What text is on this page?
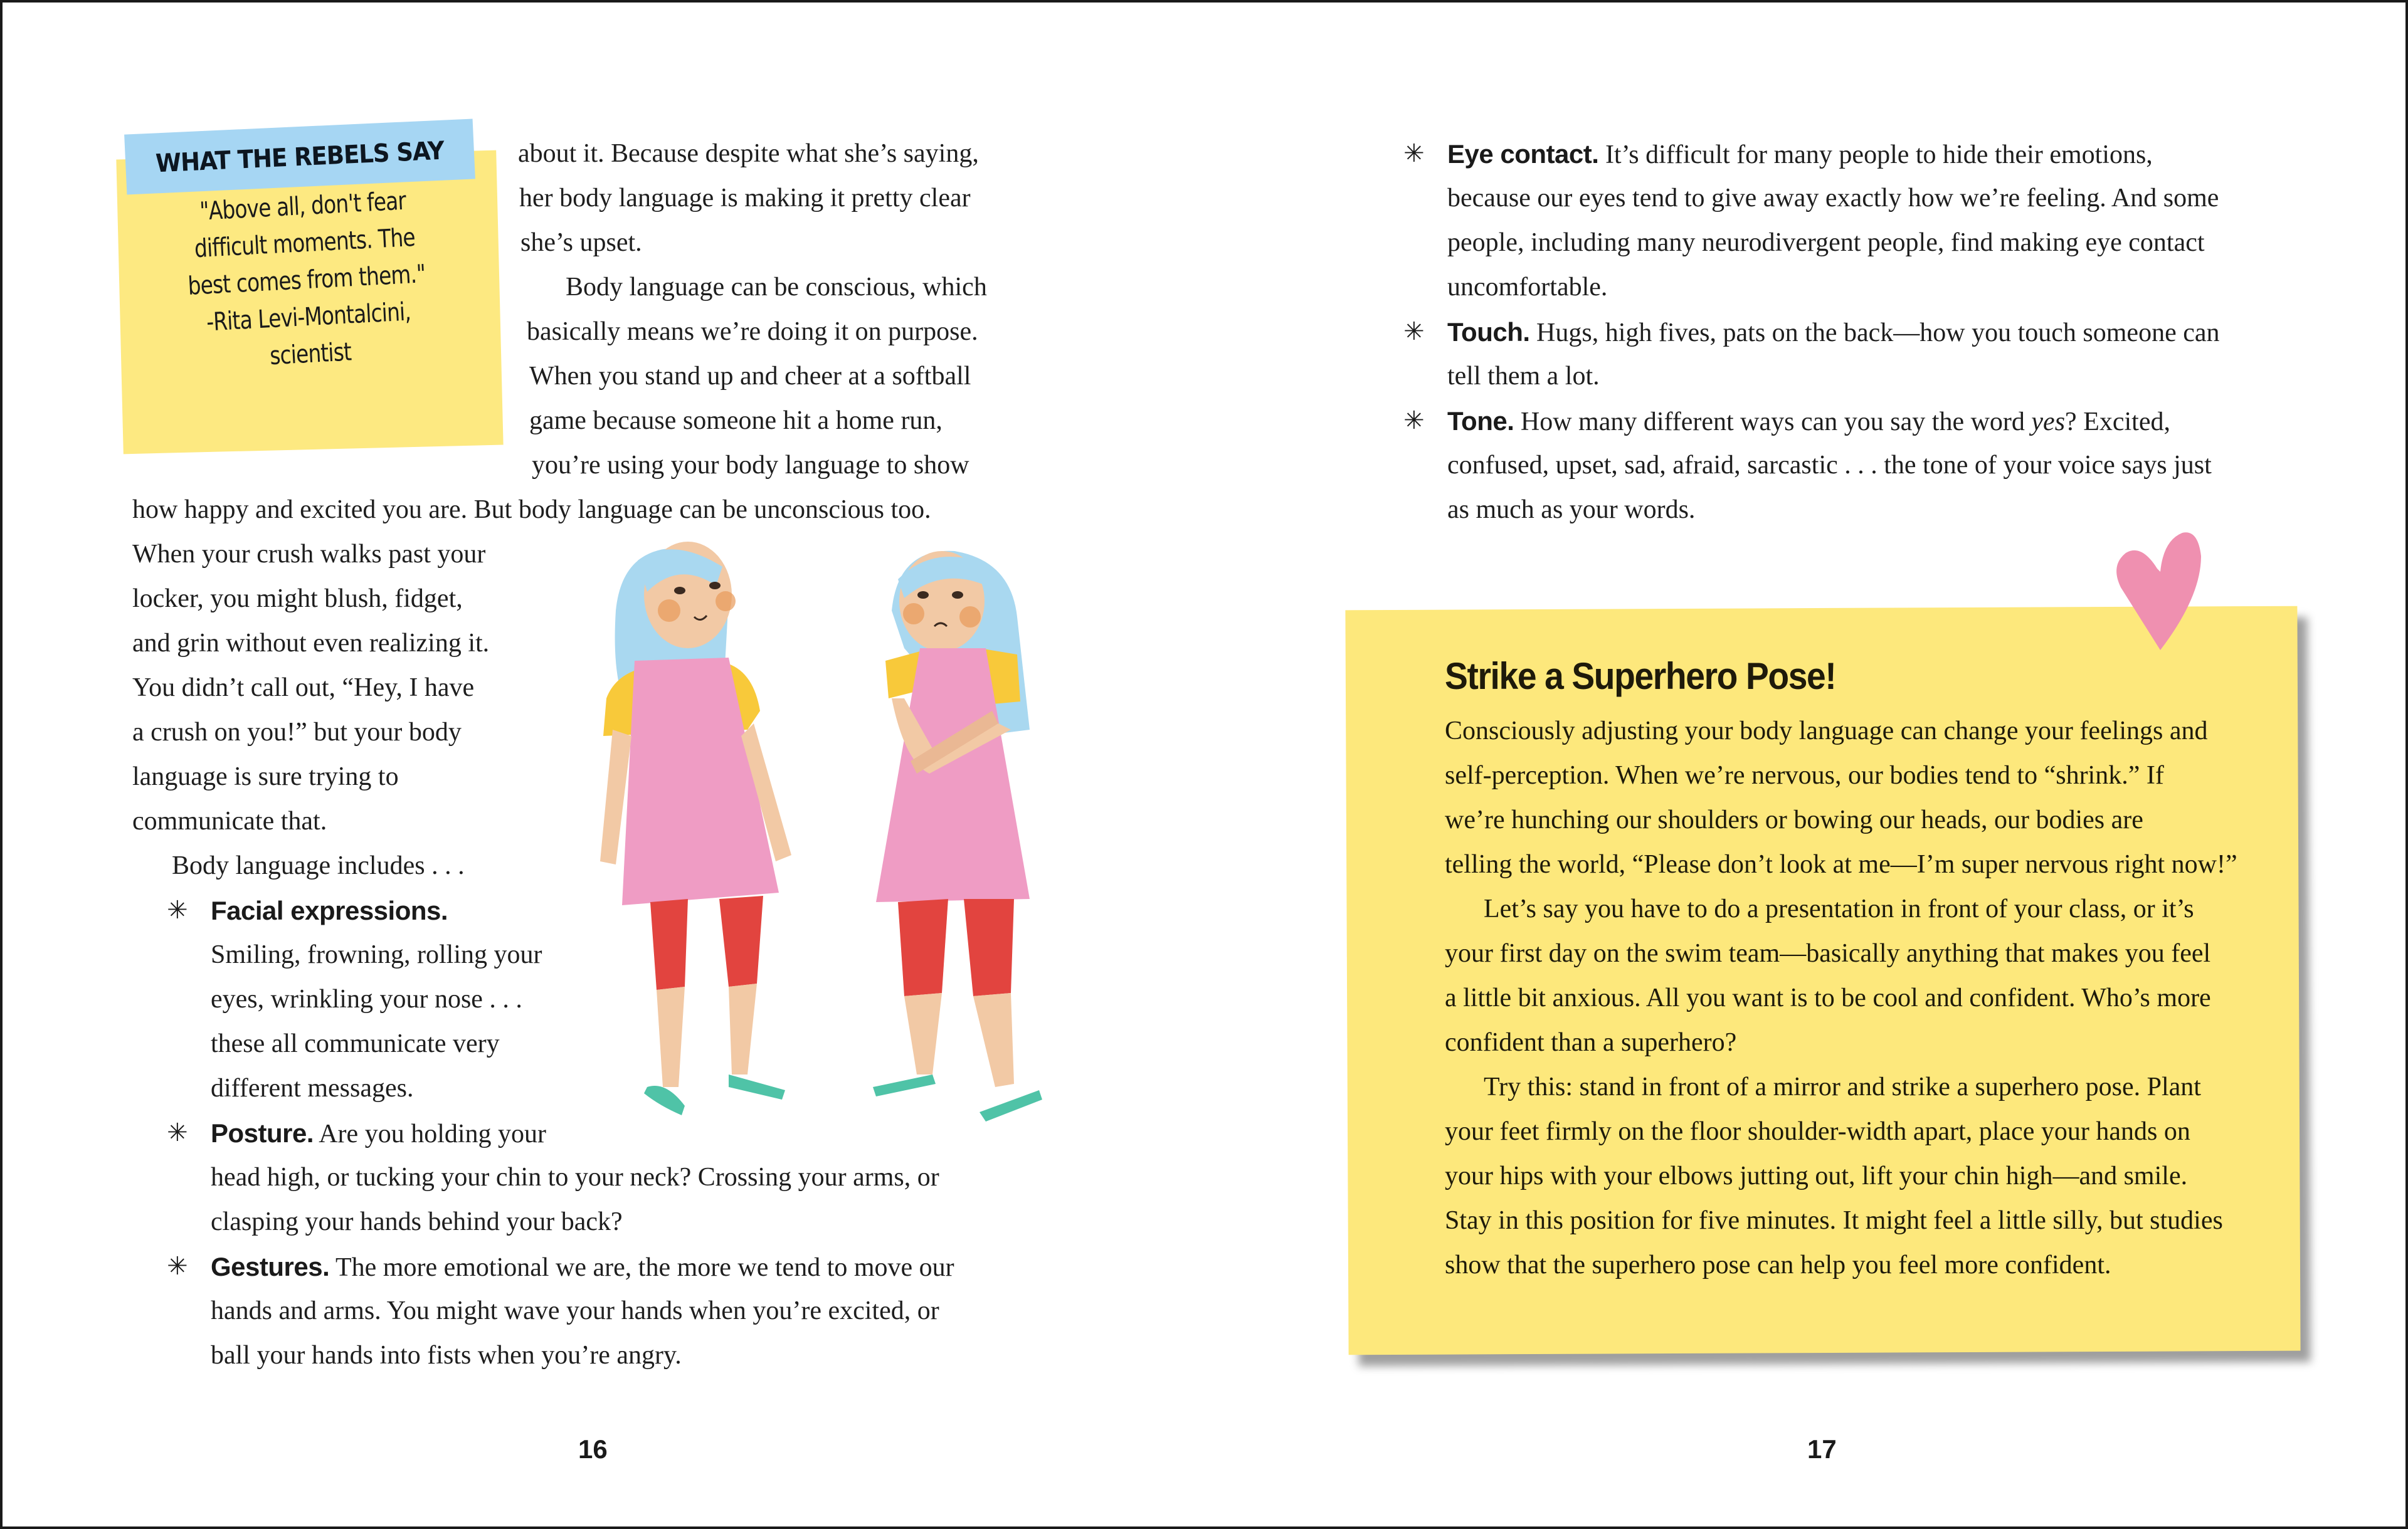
WHAT THE REBELS SAY
"Above all, don't fear
difficult moments. The
best comes from them."
-Rita Levi-Montalcini,
scientist
about it. Because despite what she’s saying,
her body language is making it pretty clear
she’s upset.
Body language can be conscious, which
basically means we’re doing it on purpose.
When you stand up and cheer at a softball
game because someone hit a home run,
you’re using your body language to show
how happy and excited you are. But body language can be unconscious too.
When your crush walks past your
locker, you might blush, fidget,
and grin without even realizing it.
You didn’t call out, “Hey, I have
a crush on you!” but your body
language is sure trying to
communicate that.
Body language includes . . .
✳ Facial expressions.
Smiling, frowning, rolling your
eyes, wrinkling your nose . . .
these all communicate very
different messages.
✳ Posture. Are you holding your
head high, or tucking your chin to your neck? Crossing your arms, or
clasping your hands behind your back?
✳ Gestures. The more emotional we are, the more we tend to move our
hands and arms. You might wave your hands when you’re excited, or
ball your hands into fists when you’re angry.
16
✳ Eye contact. It’s difficult for many people to hide their emotions,
because our eyes tend to give away exactly how we’re feeling. And some
people, including many neurodivergent people, find making eye contact
uncomfortable.
✳ Touch. Hugs, high fives, pats on the back—how you touch someone can
tell them a lot.
✳ Tone. How many different ways can you say the word yes? Excited,
confused, upset, sad, afraid, sarcastic . . . the tone of your voice says just
as much as your words.
Strike a Superhero Pose!
Consciously adjusting your body language can change your feelings and
self-perception. When we’re nervous, our bodies tend to “shrink.” If
we’re hunching our shoulders or bowing our heads, our bodies are
telling the world, “Please don’t look at me—I’m super nervous right now!”
Let’s say you have to do a presentation in front of your class, or it’s
your first day on the swim team—basically anything that makes you feel
a little bit anxious. All you want is to be cool and confident. Who’s more
confident than a superhero?
Try this: stand in front of a mirror and strike a superhero pose. Plant
your feet firmly on the floor shoulder-width apart, place your hands on
your hips with your elbows jutting out, lift your chin high—and smile.
Stay in this position for five minutes. It might feel a little silly, but studies
show that the superhero pose can help you feel more confident.
17
